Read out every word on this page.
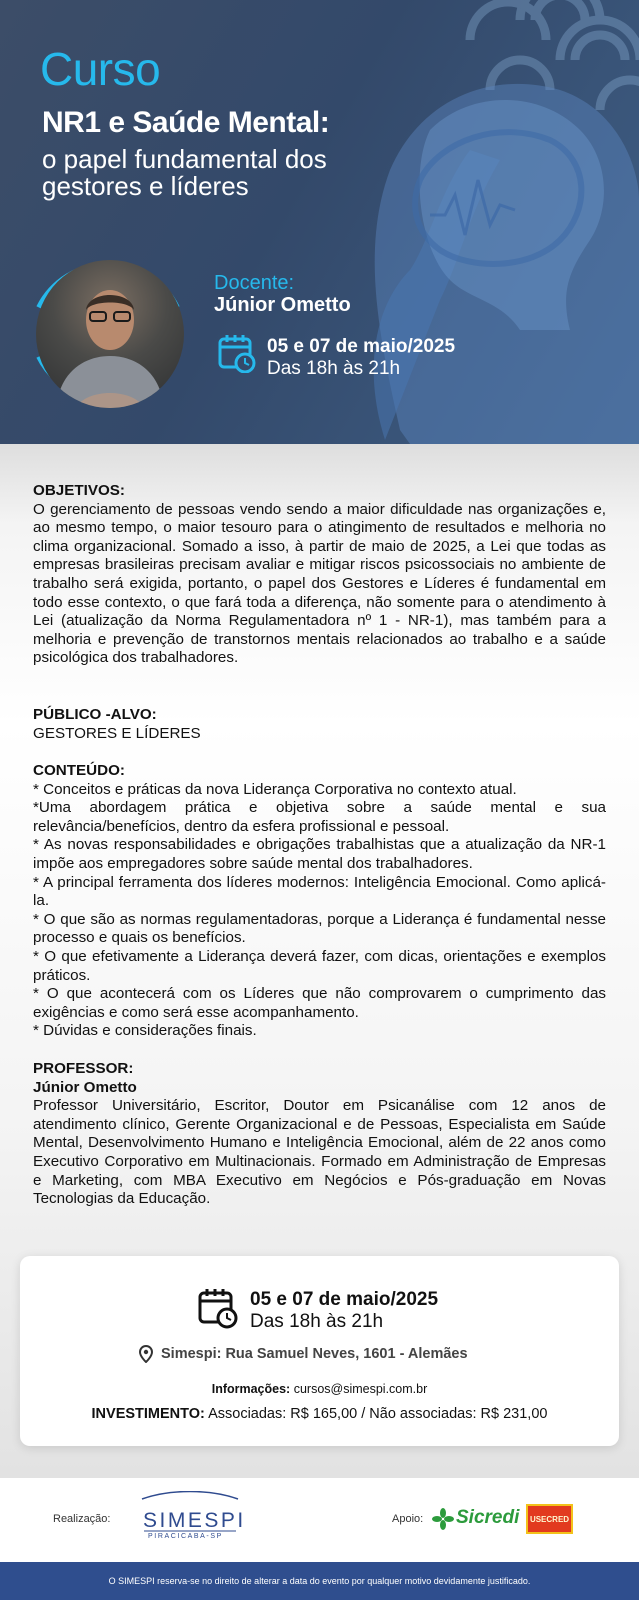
Curso
NR1 e Saúde Mental:
o papel fundamental dos gestores e líderes
Docente:
Júnior Ometto
05 e 07 de maio/2025
Das 18h às 21h
OBJETIVOS:
O gerenciamento de pessoas vendo sendo a maior dificuldade nas organizações e, ao mesmo tempo, o maior tesouro para o atingimento de resultados e melhoria no clima organizacional. Somado a isso, à partir de maio de 2025, a Lei que todas as empresas brasileiras precisam avaliar e mitigar riscos psicossociais no ambiente de trabalho será exigida, portanto, o papel dos Gestores e Líderes é fundamental em todo esse contexto, o que fará toda a diferença, não somente para o atendimento à Lei (atualização da Norma Regulamentadora nº 1 - NR-1), mas também para a melhoria e prevenção de transtornos mentais relacionados ao trabalho e a saúde psicológica dos trabalhadores.
PÚBLICO -ALVO:
GESTORES E LÍDERES
CONTEÚDO:
* Conceitos e práticas da nova Liderança Corporativa no contexto atual.
*Uma abordagem prática e objetiva sobre a saúde mental e sua relevância/benefícios, dentro da esfera profissional e pessoal.
* As novas responsabilidades e obrigações trabalhistas que a atualização da NR-1 impõe aos empregadores sobre saúde mental dos trabalhadores.
* A principal ferramenta dos líderes modernos: Inteligência Emocional. Como aplicá-la.
* O que são as normas regulamentadoras, porque a Liderança é fundamental nesse processo e quais os benefícios.
* O que efetivamente a Liderança deverá fazer, com dicas, orientações e exemplos práticos.
* O que acontecerá com os Líderes que não comprovarem o cumprimento das exigências e como será esse acompanhamento.
* Dúvidas e considerações finais.
PROFESSOR:
Júnior Ometto
Professor Universitário, Escritor, Doutor em Psicanálise com 12 anos de atendimento clínico, Gerente Organizacional e de Pessoas, Especialista em Saúde Mental, Desenvolvimento Humano e Inteligência Emocional, além de 22 anos como Executivo Corporativo em Multinacionais. Formado em Administração de Empresas e Marketing, com MBA Executivo em Negócios e Pós-graduação em Novas Tecnologias da Educação.
05 e 07 de maio/2025
Das 18h às 21h
Simespi: Rua Samuel Neves, 1601 - Alemães
Informações: cursos@simespi.com.br
INVESTIMENTO: Associadas: R$ 165,00 / Não associadas: R$ 231,00
Realização: SIMESPI
PIRACICABA-SP
Apoio: Sicredi USECRED
O SIMESPI reserva-se no direito de alterar a data do evento por qualquer motivo devidamente justificado.
